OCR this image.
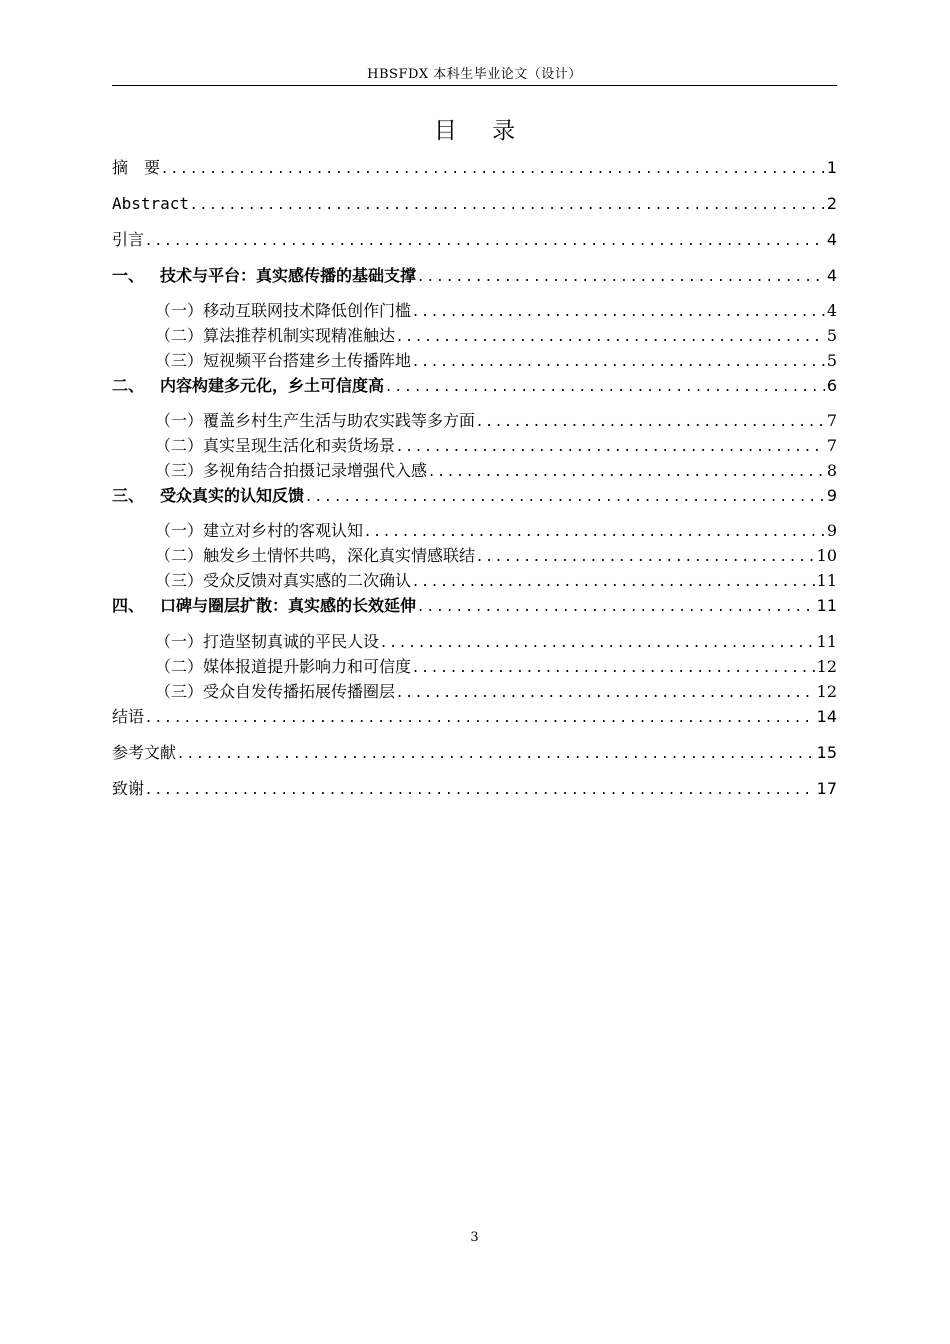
HBSFDX 本科生毕业论文（设计）
目 录
摘　要 .....	1
Abstract .....	2
引言 .....	4
一、 技术与平台：真实感传播的基础支撑 .....	4
（一）移动互联网技术降低创作门槛 .....	4
（二）算法推荐机制实现精准触达 .....	5
（三）短视频平台搭建乡土传播阵地 .....	5
二、 内容构建多元化，乡土可信度高 .....	6
（一）覆盖乡村生产生活与助农实践等多方面 .....	7
（二）真实呈现生活化和卖货场景 .....	7
（三）多视角结合拍摄记录增强代入感 .....	8
三、 受众真实的认知反馈 .....	9
（一）建立对乡村的客观认知 .....	9
（二）触发乡土情怀共鸣，深化真实情感联结 .....	10
（三）受众反馈对真实感的二次确认 .....	11
四、 口碑与圈层扩散：真实感的长效延伸 .....	11
（一）打造坚韧真诚的平民人设 .....	11
（二）媒体报道提升影响力和可信度 .....	12
（三）受众自发传播拓展传播圈层 .....	12
结语 .....	14
参考文献 .....	15
致谢 .....	17
3
